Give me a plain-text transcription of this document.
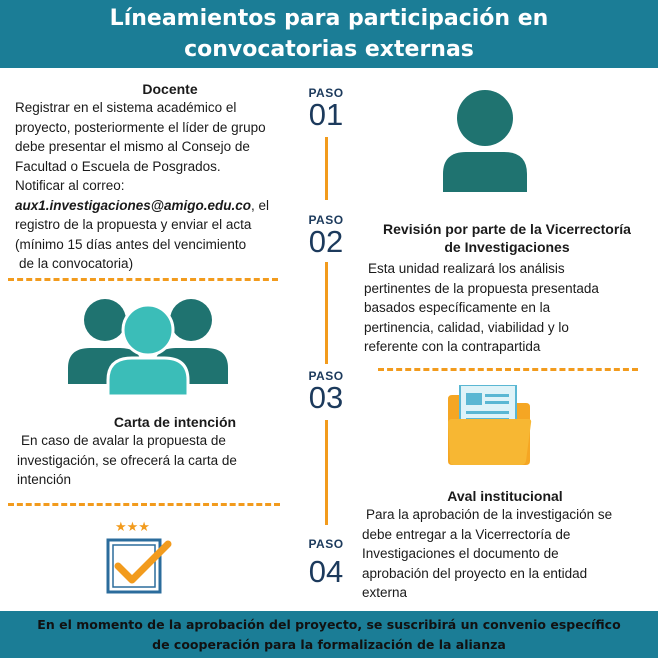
Líneamientos para participación en
convocatorias externas
PASO
01
PASO
02
PASO
03
PASO
04
Docente
Registrar en el sistema académico el
proyecto, posteriormente el líder de grupo
debe presentar el mismo al Consejo de
Facultad o Escuela de Posgrados.
Notificar al correo:
aux1.investigaciones@amigo.edu.co, el
registro de la propuesta y enviar el acta
(mínimo 15 días antes del vencimiento
de la convocatoria)
Revisión por parte de la Vicerrectoría
de Investigaciones
Esta unidad realizará los análisis
pertinentes de la propuesta presentada
basados específicamente en la
pertinencia, calidad, viabilidad y lo
referente con la contrapartida
Carta de intención
En caso de avalar la propuesta de
investigación, se ofrecerá la carta de
intención
Aval institucional
Para la aprobación de la investigación se
debe entregar a la Vicerrectoría de
Investigaciones el documento de
aprobación del proyecto en la entidad
externa
★★★
En el momento de la aprobación del proyecto, se suscribirá un convenio específico
de cooperación para la formalización de la alianza
